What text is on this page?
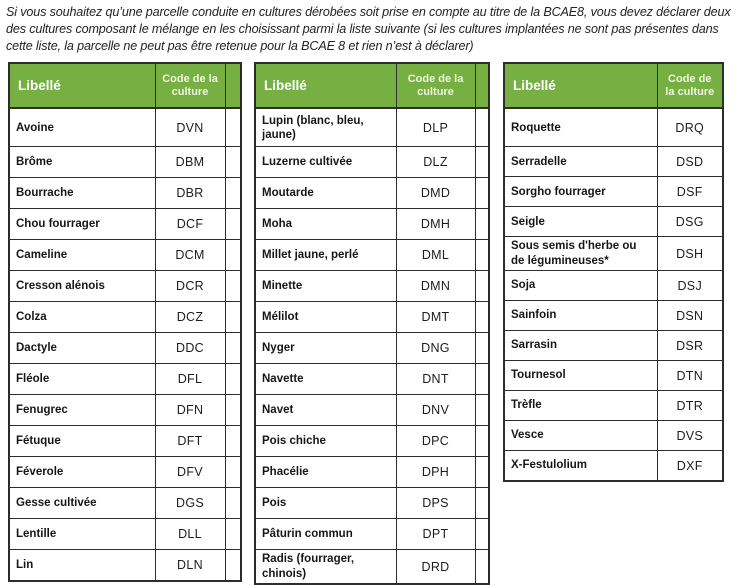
Si vous souhaitez qu’une parcelle conduite en cultures dérobées soit prise en compte au titre de la BCAE8, vous devez déclarer deux des cultures composant le mélange en les choisissant parmi la liste suivante (si les cultures implantées ne sont pas présentes dans cette liste, la parcelle ne peut pas être retenue pour la BCAE 8 et rien n’est à déclarer)

Libellé	Code de la culture	
Avoine	DVN	
Brôme	DBM	
Bourrache	DBR	
Chou fourrager	DCF	
Cameline	DCM	
Cresson alénois	DCR	
Colza	DCZ	
Dactyle	DDC	
Fléole	DFL	
Fenugrec	DFN	
Fétuque	DFT	
Féverole	DFV	
Gesse cultivée	DGS	
Lentille	DLL	
Lin	DLN	
Libellé	Code de la culture	
Lupin (blanc, bleu, jaune)	DLP	
Luzerne cultivée	DLZ	
Moutarde	DMD	
Moha	DMH	
Millet jaune, perlé	DML	
Minette	DMN	
Mélilot	DMT	
Nyger	DNG	
Navette	DNT	
Navet	DNV	
Pois chiche	DPC	
Phacélie	DPH	
Pois	DPS	
Pâturin commun	DPT	
Radis (fourrager, chinois)	DRD	
Libellé	Code de la culture
Roquette	DRQ
Serradelle	DSD
Sorgho fourrager	DSF
Seigle	DSG
Sous semis d'herbe ou de légumineuses*	DSH
Soja	DSJ
Sainfoin	DSN
Sarrasin	DSR
Tournesol	DTN
Trèfle	DTR
Vesce	DVS
X-Festulolium	DXF
